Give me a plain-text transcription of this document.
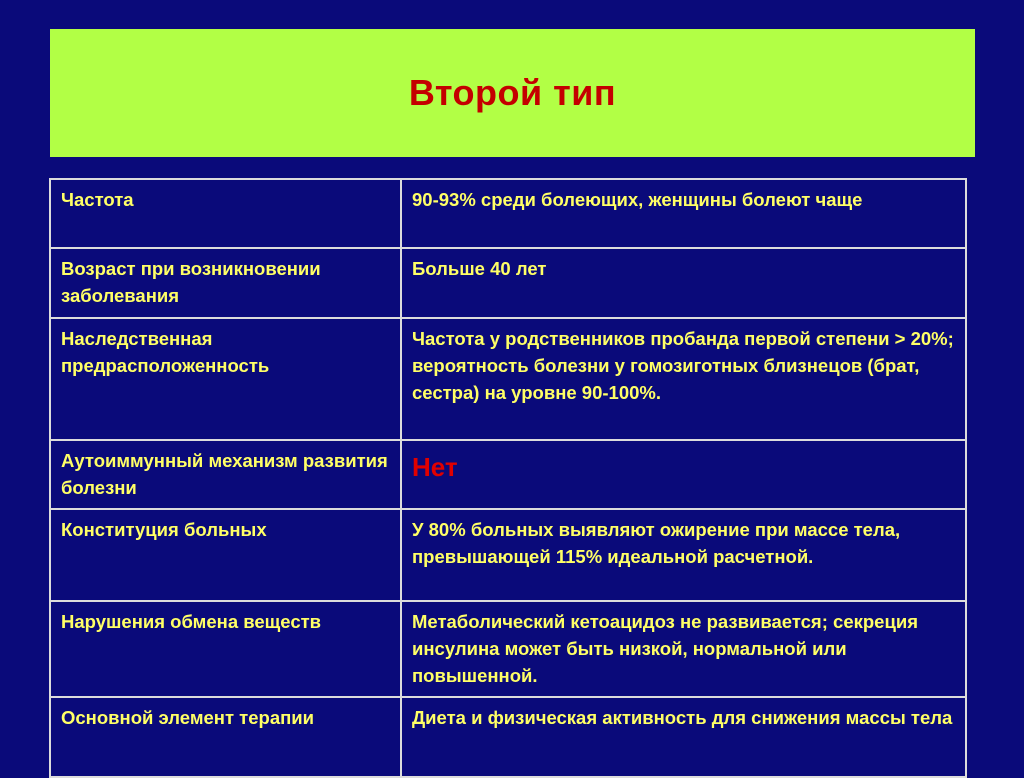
Второй тип
Частота	90-93% среди болеющих, женщины болеют чаще
Возраст при возникновении заболевания	Больше 40 лет
Наследственная предрасположенность	Частота у родственников пробанда первой степени > 20%; вероятность болезни у гомозиготных близнецов (брат, сестра) на уровне 90-100%.
Аутоиммунный механизм развития болезни	Нет
Конституция больных	У 80% больных выявляют ожирение при массе тела, превышающей 115% идеальной расчетной.
Нарушения обмена веществ	Метаболический кетоацидоз не развивается; секреция инсулина может быть низкой, нормальной или повышенной.
Основной элемент терапии	Диета и физическая активность для снижения массы тела
